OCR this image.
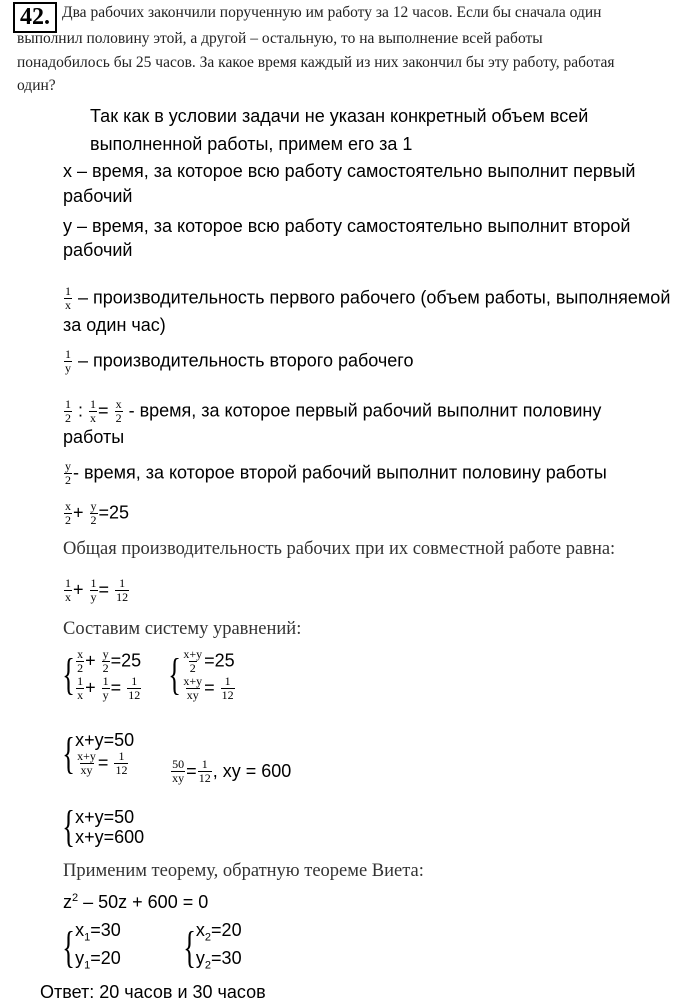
42. Два рабочих закончили порученную им работу за 12 часов. Если бы сначала один
выполнил половину этой, а другой – остальную, то на выполнение всей работы
понадобилось бы 25 часов. За какое время каждый из них закончил бы эту работу, работая
один?
Так как в условии задачи не указан конкретный объем всей
выполненной работы, примем его за 1
x – время, за которое всю работу самостоятельно выполнит первый
рабочий
y – время, за которое всю работу самостоятельно выполнит второй
рабочий
$\frac{1}{x}$ – производительность первого рабочего (объем работы, выполняемой
за один час)
$\frac{1}{y}$ – производительность второго рабочего
$\frac{1}{2}$ : $\frac{1}{x} = \frac{x}{2}$ - время, за которое первый рабочий выполнит половину
работы
$\frac{y}{2}$ - время, за которое второй рабочий выполнит половину работы
$\frac{x}{2} + \frac{y}{2} =25$
Общая производительность рабочих при их совместной работе равна:
$\frac{1}{x} + \frac{1}{y} = \frac{1}{12}$
Составим систему уравнений:
{ $\frac{x}{2} + \frac{y}{2} =25$
$\frac{1}{x} + \frac{1}{y} = \frac{1}{12}$
{ $\frac{x+y}{2} =25$
$\frac{x+y}{xy} = \frac{1}{12}$
{ x+y=50
$\frac{x+y}{xy} = \frac{1}{12}$
	$\frac{50}{xy} = \frac{1}{12}$ , xy = 600
{ x+y=50
x+y=600
Применим теорему, обратную теореме Виета:
$z^2 - 50z + 600 = 0$
{ $x_1=30$
$y_1=20$
{ $x_2=20$
$y_2=30$
Ответ: 20 часов и 30 часов
